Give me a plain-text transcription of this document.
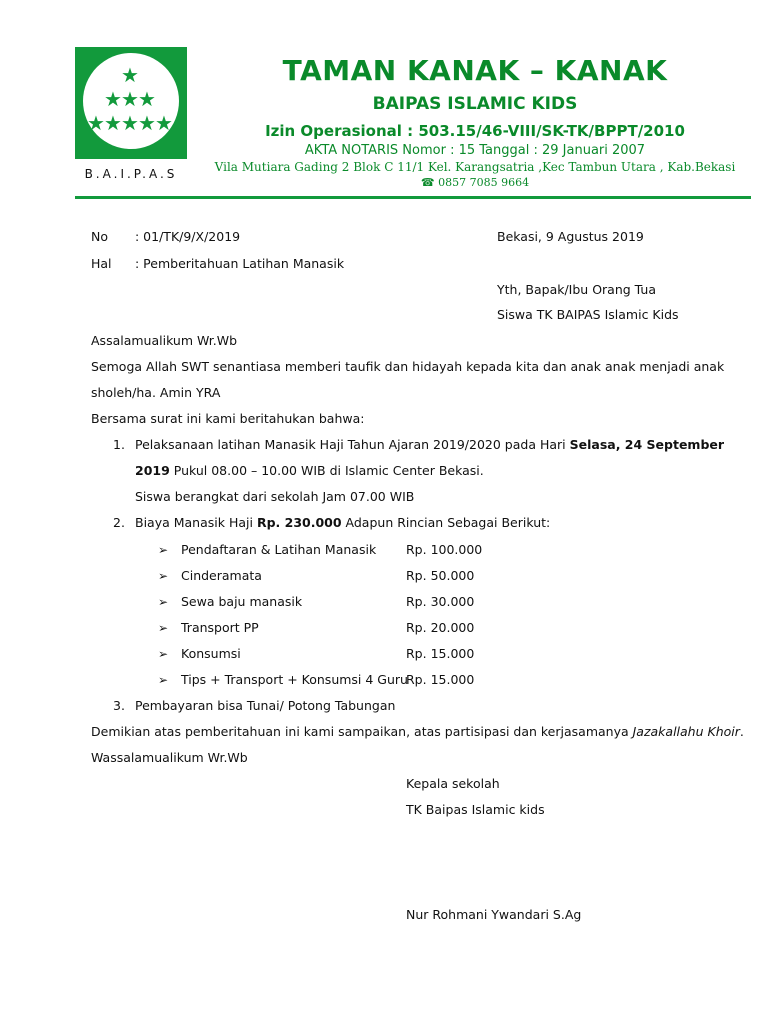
★
★ ★ ★
★ ★ ★ ★ ★
B.A.I.P.A.S
TAMAN KANAK – KANAK
BAIPAS ISLAMIC KIDS
Izin Operasional : 503.15/46-VIII/SK-TK/BPPT/2010
AKTA NOTARIS Nomor : 15 Tanggal : 29 Januari 2007
Vila Mutiara Gading 2 Blok C 11/1 Kel. Karangsatria ,Kec Tambun Utara , Kab.Bekasi
☎ 0857 7085 9664
No : 01/TK/9/X/2019	Bekasi, 9 Agustus 2019
Hal : Pemberitahuan Latihan Manasik
Yth, Bapak/Ibu Orang Tua
Siswa TK BAIPAS Islamic Kids
Assalamualikum Wr.Wb
Semoga Allah SWT senantiasa memberi taufik dan hidayah kepada kita dan anak anak menjadi anak
sholeh/ha. Amin YRA
Bersama surat ini kami beritahukan bahwa:
1. Pelaksanaan latihan Manasik Haji Tahun Ajaran 2019/2020 pada Hari Selasa, 24 September
2019 Pukul 08.00 – 10.00 WIB di Islamic Center Bekasi.
Siswa berangkat dari sekolah Jam 07.00 WIB
2. Biaya Manasik Haji Rp. 230.000 Adapun Rincian Sebagai Berikut:
➢ Pendaftaran & Latihan Manasik Rp. 100.000
➢ Cinderamata	Rp. 50.000
➢ Sewa baju manasik	Rp. 30.000
➢ Transport PP	Rp. 20.000
➢ Konsumsi	Rp. 15.000
➢ Tips + Transport + Konsumsi 4 Guru
Rp. 15.000
3. Pembayaran bisa Tunai/ Potong Tabungan
Demikian atas pemberitahuan ini kami sampaikan, atas partisipasi dan kerjasamanya Jazakallahu Khoir.
Wassalamualikum Wr.Wb
Kepala sekolah
TK Baipas Islamic kids
Nur Rohmani Ywandari S.Ag
